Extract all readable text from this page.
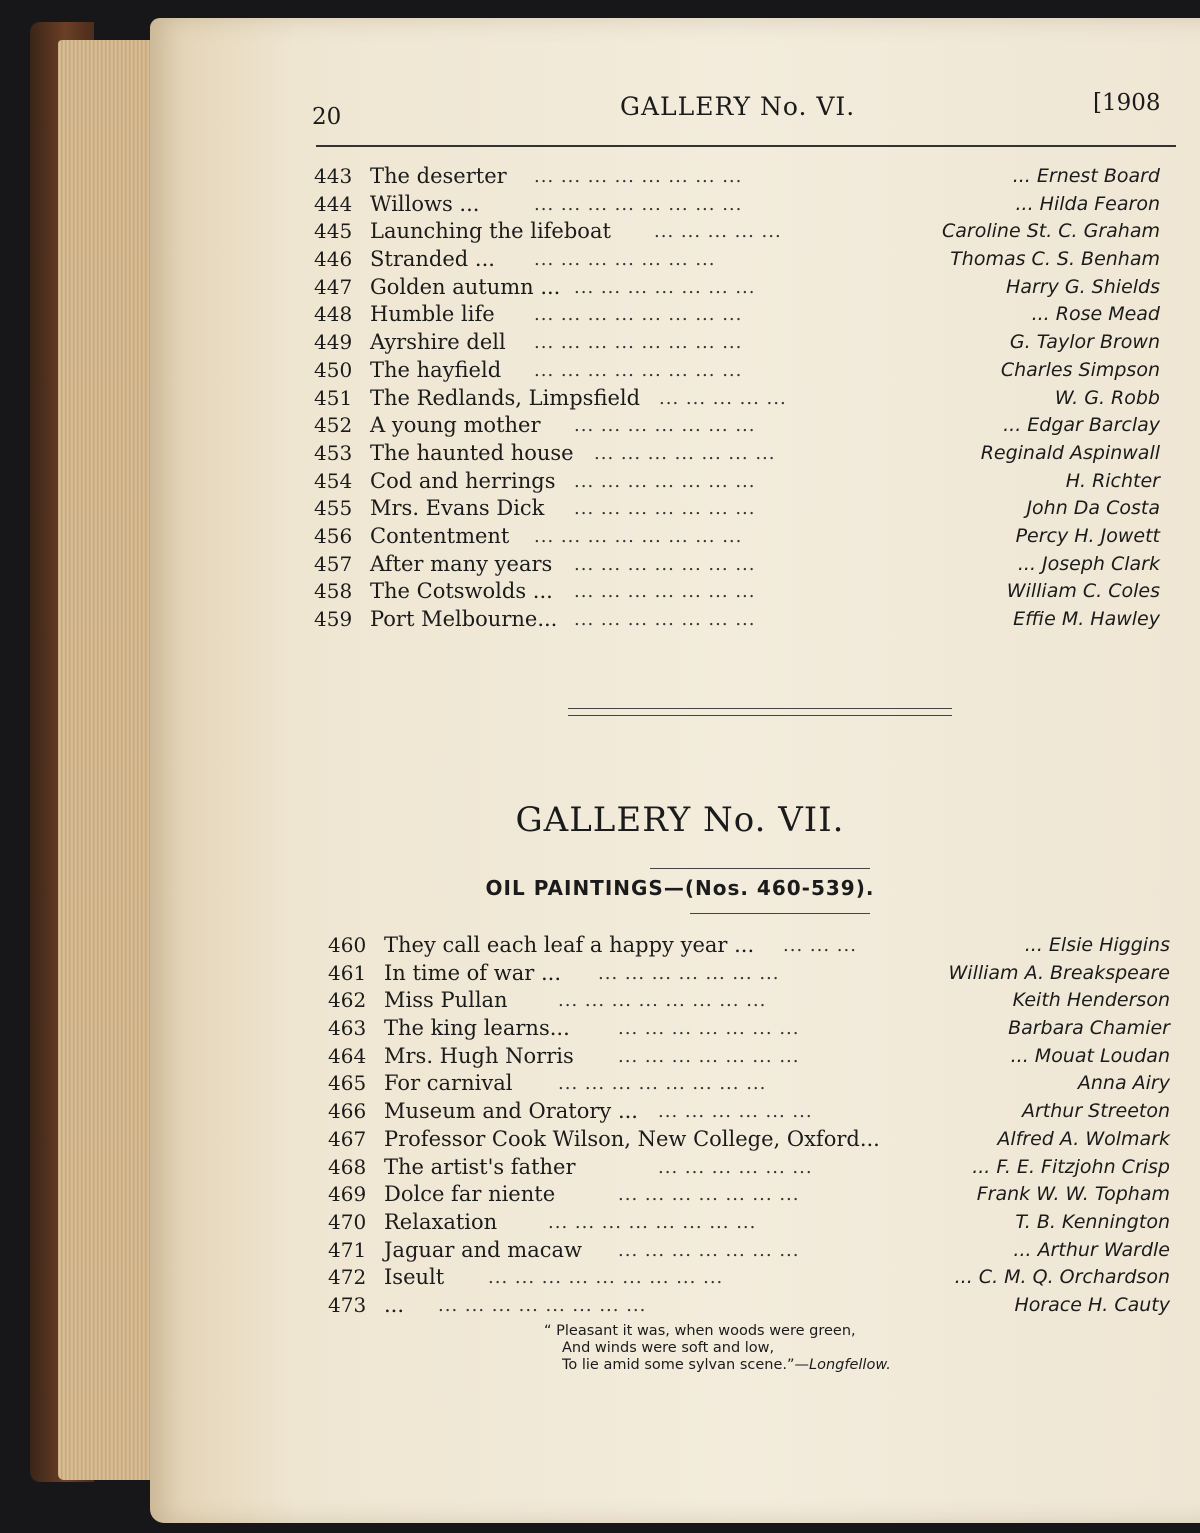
20	GALLERY No. VI.	[1908
443 The deserter ... ... ... ... ... ... ... ...	... Ernest Board
444 Willows ...	... ... ... ... ... ... ... ...	... Hilda Fearon
445 Launching the lifeboat ... ... ... ... ...	Caroline St. C. Graham
446 Stranded ... ... ... ... ... ... ... ...	Thomas C. S. Benham
447 Golden autumn ... ... ... ... ... ... ... ...	Harry G. Shields
448 Humble life ... ... ... ... ... ... ... ...	... Rose Mead
449 Ayrshire dell ... ... ... ... ... ... ... ...	G. Taylor Brown
450 The hayfield ... ... ... ... ... ... ... ...	Charles Simpson
451 The Redlands, Limpsfield ... ... ... ... ...	W. G. Robb
452 A young mother ... ... ... ... ... ... ...	... Edgar Barclay
453 The haunted house ... ... ... ... ... ... ...	Reginald Aspinwall
454 Cod and herrings ... ... ... ... ... ... ...	H. Richter
455 Mrs. Evans Dick ... ... ... ... ... ... ...	John Da Costa
456 Contentment ... ... ... ... ... ... ... ...	Percy H. Jowett
457 After many years ... ... ... ... ... ... ...	... Joseph Clark
458 The Cotswolds ... ... ... ... ... ... ... ...	William C. Coles
459 Port Melbourne... ... ... ... ... ... ... ...	Effie M. Hawley
GALLERY No. VII.
OIL PAINTINGS—(Nos. 460-539).
460 They call each leaf a happy year ... ... ... ...	... Elsie Higgins
461 In time of war ... ... ... ... ... ... ... ...	William A. Breakspeare
462 Miss Pullan	... ... ... ... ... ... ... ...	Keith Henderson
463 The king learns...	... ... ... ... ... ... ...	Barbara Chamier
464 Mrs. Hugh Norris ... ... ... ... ... ... ...	... Mouat Loudan
465 For carnival	... ... ... ... ... ... ... ...	Anna Airy
466 Museum and Oratory ... ... ... ... ... ... ...	Arthur Streeton
467 Professor Cook Wilson, New College, Oxford...	Alfred A. Wolmark
468 The artist's father	... ... ... ... ... ...	... F. E. Fitzjohn Crisp
469 Dolce far niente	... ... ... ... ... ... ...	Frank W. W. Topham
470 Relaxation	... ... ... ... ... ... ... ...	T. B. Kennington
471 Jaguar and macaw ... ... ... ... ... ... ...	... Arthur Wardle
472 Iseult ... ... ... ... ... ... ... ... ...	... C. M. Q. Orchardson
473 ... ... ... ... ... ... ... ... ...	Horace H. Cauty
“ Pleasant it was, when woods were green,
And winds were soft and low,
To lie amid some sylvan scene.”—Longfellow.
